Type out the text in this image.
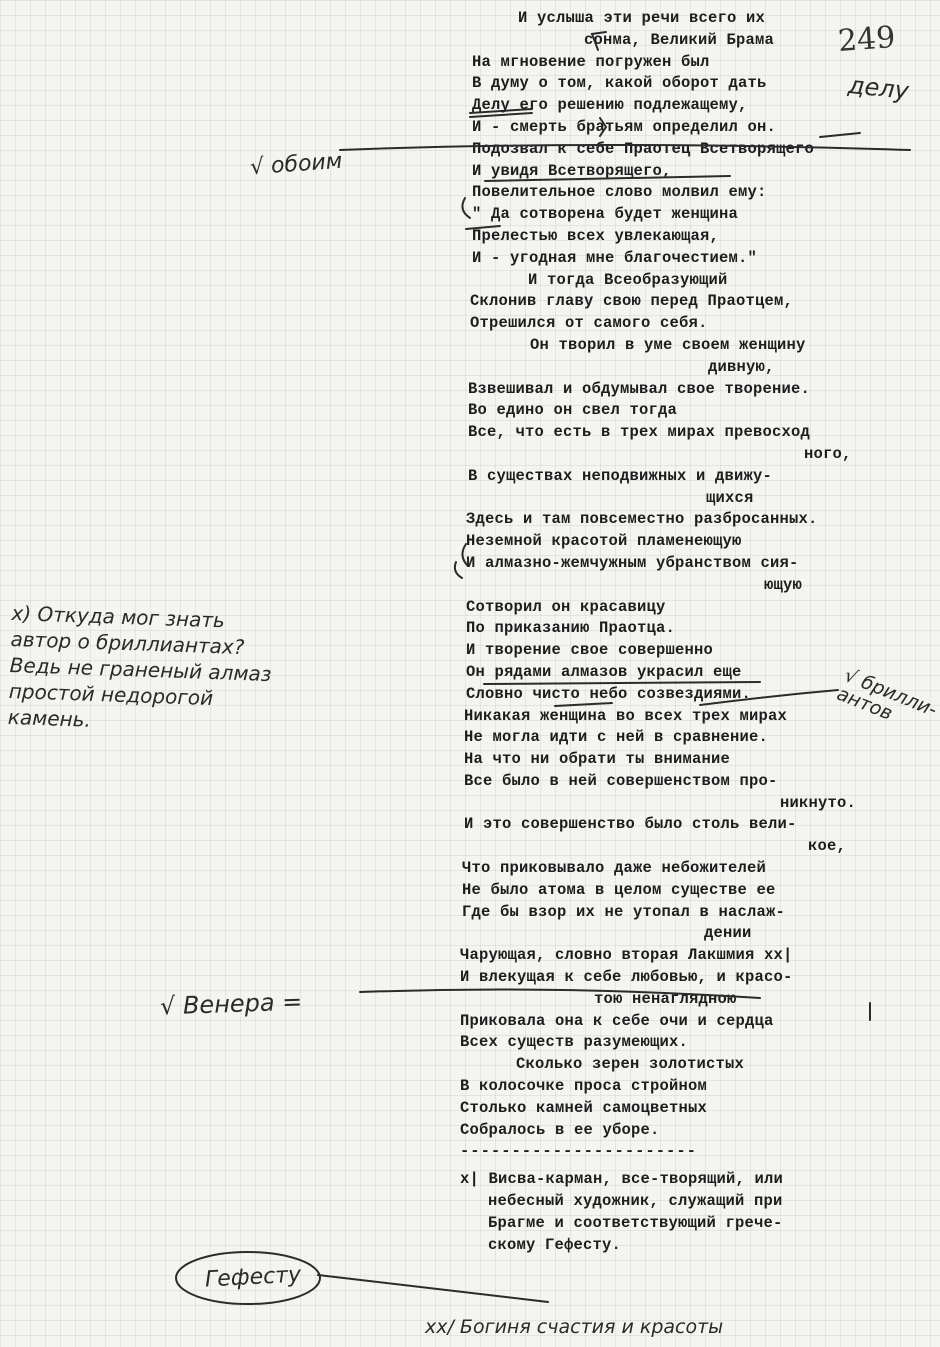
249
И услыша эти речи всего их
сонма, Великий Брама
На мгновение погружен был
В думу о том, какой оборот дать
Делу его решению подлежащему,
И - смерть братьям определил он.
Подозвал к себе Праотец Всетворящего
И увидя Всетворящего,
Повелительное слово молвил ему:
" Да сотворена будет женщина
Прелестью всех увлекающая,
И - угодная мне благочестием."
И тогда Всеобразующий
Склонив главу свою перед Праотцем,
Отрешился от самого себя.
Он творил в уме своем женщину
дивную,
Взвешивал и обдумывал свое творение.
Во едино он свел тогда
Все, что есть в трех мирах превосход
ного,
В существах неподвижных и движу-
щихся
Здесь и там повсеместно разбросанных.
Неземной красотой пламенеющую
И алмазно-жемчужным убранством сия-
ющую
Сотворил он красавицу
По приказанию Праотца.
И творение свое совершенно
Он рядами алмазов украсил еще
Словно чисто небо созвездиями.
Никакая женщина во всех трех мирах
Не могла идти с ней в сравнение.
На что ни обрати ты внимание
Все было в ней совершенством про-
никнуто.
И это совершенство было столь вели-
кое,
Что приковывало даже небожителей
Не было атома в целом существе ее
Где бы взор их не утопал в наслаж-
дении
Чарующая, словно вторая Лакшмия xx|
И влекущая к себе любовью, и красо-
тою ненаглядною
Приковала она к себе очи и сердца
Всех существ разумеющих.
Сколько зерен золотистых
В колосочке проса стройном
Столько камней самоцветных
Собралось в ее уборе.
-----------------------
x| Висва-карман, все-творящий, или
небесный художник, служащий при
Брагме и соответствующий грече-
скому Гефесту.
делу
√ обоим
√ брилли-
антов
√ Венера =
Гефесту
xx/ Богиня счастия и красоты
х) Откуда мог знать
автор о бриллиантах?
Ведь не граненый алмаз
простой недорогой
камень.
